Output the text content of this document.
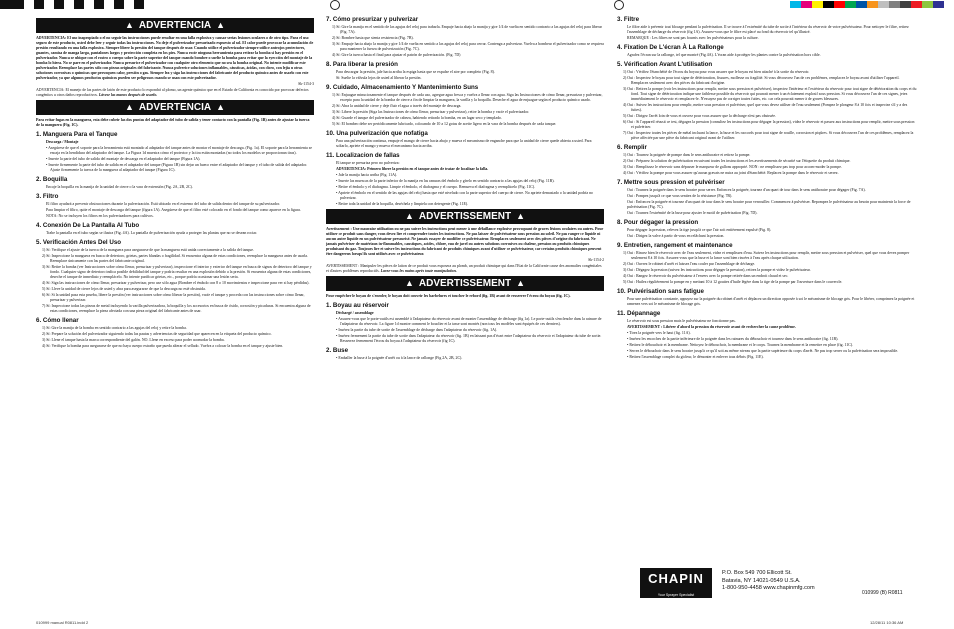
▲ ADVERTENCIA ▲

ADVERTENCIA: El uso inapropiado o el no seguir las instrucciones puede resultar en una falla explosiva y causar serias lesiones oculares o de otro tipo. Para el uso seguro de este producto, usted debe leer y seguir todas las instrucciones. No deje el pulverizador presurizado expuesto al sol. El calor puede provocar la acumulación de presión resultando en una falla explosiva. Siempre libere la presión del tanque después de usar. Cuando utilice el pulverizador siempre utilice anteojos protectores, guantes, camisa de manga larga, pantalones largos y protección completa en los pies. Nunca rocíe ninguna herramienta para retirar la bomba si hay presión en el pulverizador. Nunca se ubique con el rostro o cuerpo sobre la parte superior del tanque cuando bombee o suelte la bomba para evitar que la eyección del montaje de la bomba lo hiera. No se pare en el pulverizador. Nunca presurice el pulverizador con cualquier otro elemento que no sea la bomba original. No intente modificar este pulverizador. Reemplace las partes sólo con piezas originales del fabricante. Nunca pulverice soluciones inflamables, cáusticas, ácidas, con cloro, con lejía u otras soluciones corrosivas o químicas que provoquen calor, presión o gas. Siempre lea y siga las instrucciones del fabricante del producto químico antes de usarlo con este pulverizador, ya que algunos productos químicos pueden ser peligrosos cuando se usan con este pulverizador.

Sk-1154-3

ADVERTENCIA: El manejo de las partes de latón de este producto lo expondrá al plomo, un agente químico que en el Estado de California es conocido por provocar defectos congénitos u otros daños reproductivos. Lávese las manos después de usarlo.

▲ ADVERTENCIA ▲

Para evitar fugas en la manguera, esta debe cubrir las dos puntas del adaptador del tubo de salida y tener contacto con la pantalla (Fig. 1B) antes de ajustar la tuerca de la manguera (Fig. 1C).

1. Manguera Para el Tanque

Descarga / Montaje

• Asegúrese de que el soporte para la herramienta está montado al adaptador del tanque antes de montar el montaje de descarga. (Fig. 1a). El soporte para la herramienta se encaja en la hendidura del adaptador del tanque. La Figura 1d muestra cómo el protector y la tira están montadas (no todos los modelos se proporcionan tiras).

• Inserte la parte del tubo de salida del montaje de descarga en el adaptador del tanque (Figura 1A).

• Inserte firmemente la parte del tubo de salida en el adaptador del tanque (Figura 1B) sin dejar un hueco entre el adaptador del tanque y el tubo de salida del adaptador. Ajuste firmemente la tuerca de la manguera al adaptador del tanque (Figura 1C).

2. Boquilla

Encaje la boquilla en la manija de la unidad de cierre o la vara de extensión (Fig. 2A, 2B, 2C).

3. Filtro

El filtro ayudará a prevenir obstrucciones durante la pulverización. Está ubicado en el extremo del tubo de salida dentro del tanque de su pulverizador.

Para limpiar el filtro, quite el montaje de descarga del tanque (figura 1A). Asegúrese de que el filtro esté colocado en el fondo del tanque como aparece en la figura.

NOTA: No se incluyen los filtros en los pulverizadores para cultivos.

4. Conexión De La Pantalla Al Tubo

Trabe la pantalla en el tubo según se ilustra (Fig. 4A). La pantalla de pulverización ayuda a proteger las plantas que no se desean rociar.

5. Verificación Antes Del Uso

1) Sí: Verifique el ajuste de la tuerca de la manguera para asegurarse de que la manguera está unida correctamente a la salida del tanque.

2) Sí: Inspeccione la manguera en busca de deterioro, grietas, partes blandas o fragilidad. Si encuentra alguna de estas condiciones, reemplace la manguera antes de usarla. Reemplace únicamente con las partes del fabricante original.

3) Sí: Retire la bomba (ver Instrucciones sobre cómo llenar, presurizar y pulverizar), inspeccione el interior y exterior del tanque en busca de signos de deterioro del tanque y fondo. Cualquier signo de deterioro indica posible debilidad del tanque y podría resultar en una explosión debido a la presión. Si encuentra alguna de estas condiciones, deseche el tanque de inmediato y reemplácelo. No intente purificar grietas, etc., porque podría ocasionar una lesión seria.

4) Sí: Siga las instrucciones de cómo llenar, presurizar y pulverizar, pero use sólo agua (Bombee el émbolo con 8 o 10 movimientos e inspeccione para ver si hay pérdidas).

5) Sí: Lleve la unidad de cierre lejos de usted y abra para asegurarse de que la descarga no esté obstruida.

6) Sí: Si la unidad pasa esta prueba, libere la presión (ver instrucciones sobre cómo liberar la presión), vacíe el tanque y proceda con las instrucciones sobre cómo llenar, presurizar y pulverizar.

7) Sí: Inspeccione todas las piezas de metal incluyendo la varilla pulverizadora, la boquilla y los accesorios en busca de óxido, corrosión y picaduras. Si encuentra alguna de estas condiciones, reemplace la pieza afectada con una pieza original del fabricante antes de usar.

6. Cómo llenar

1) Sí: Gire la manija de la bomba en sentido contrario a las agujas del reloj y retire la bomba.

2) Sí: Prepare la solución del pulverizador siguiendo todas las pautas y advertencias de seguridad que aparecen en la etiqueta del producto químico.

3) Sí: Llene el tanque hasta la marca correspondiente del galón. NO. Llene en exceso para poder acomodar la bomba.

4) Sí: Verifique la bomba para asegurarse de que no haya cuerpo extraño que pueda alterar el sellado. Vuelva a colocar la bomba en el tanque y ajuste bien.

7. Cómo presurizar y pulverizar

1) Sí: Gire la manija en el sentido de las agujas del reloj para trabarla. Empuje hacia abajo la manija y gire 1/4 de vuelta en sentido contrario a las agujas del reloj para liberar (Fig. 7A).

2) Sí: Bombee hasta que sienta resistencia (Fig. 7B).

3) Sí: Empuje hacia abajo la manija y gire 1/4 de vuelta en sentido a las agujas del reloj para cerrar. Contenga a pulverizar. Vuelva a bombear el pulverizador como se requiera para mantener la fuerza de pulverización (Fig. 7C).

4) Sí: Gire la tuerca hasta el final para ajustar el patrón de pulverización. (Fig. 7D)

8. Para liberar la presión

Para descargar la presión, jale hacia arriba la espiga hasta que se expulse el aire por completo (Fig. 8).

Sí: Suelte la válvula lejos de usted al liberar la presión.

9. Cuidado, Almacenamiento Y Mantenimiento Suns

1) Sí: Enjuague minuciosamente el tanque después de cada uso, agregue agua fresca y vuelva a llenar con agua. Siga las Instrucciones de cómo llenar, presurizar y pulverizar, excepto para la unidad de la bomba de cierre a fin de limpiar la manguera, la varilla y la boquilla. Deseche el agua de enjuague según el producto químico usado.

2) Sí: Abra la unidad de cierre y deje fluir el agua a través del montaje de descarga.

3) Sí: Libere la presión (Siga las Instrucciones de cómo llenar, presurizar y pulverizar), retire la bomba y vacíe el pulverizador.

4) Sí: Guarde el tanque del pulverizador de cabeza, habiendo retirado la bomba, en un lugar seco y templado.

5) Sí: El bombeo debe ser periódicamente lubricado, colocando de 10 a 12 gotas de aceite ligero en la vara de la bomba después de cada tanque.

10. Una pulverización que nofatiga

Para una pulverización continua, empuje el mango de cierre hacia abajo y mueva el mecanismo de enganche para que la unidad de cierre quede abierta a usted. Para soltarlo, apriete el mango y mueva el mecanismo hacia arriba.

11. Localizacion de fallas

El tanque se presuriza pero no pulveriza:

ADVERTENCIA: Primero libere la presión en el tanque antes de tratar de localizar la falla.

• Jale la manija hacia arriba (Fig. 11A).

• Inserte las muescas de la parte inferior de la manija en las ranuras del émbolo y gírelo en sentido contrario a las agujas del reloj (Fig. 11B).

• Retire el émbolo y el diafragma. Limpie el émbolo, el diafragma y el cuerpo. Remueva el diafragma y reemplácelo (Fig. 11C).

• Apriete el émbolo en el sentido de las agujas del reloj hasta que esté nivelado con la parte superior del cuerpo de cierre. No apriete demasiado o la unidad podría no pulverizar.

• Retire toda la unidad de la boquilla, deséchela y límpiela con detergente (Fig. 11E).

▲ ADVERTISSEMENT ▲

Avertissement : Une mauvaise utilisation ou ne pas suivre les instructions peut mener à une défaillance explosive provoquant de graves lésions oculaires ou autres. Pour utiliser ce produit sans danger, vous devez lire et comprendre toutes les instructions. Ne pas laisser de pulvérisateur sous pression au soleil. Ne pas ranger ce liquide ni aucun autre liquide en un pulvérisateur pressurisé. Ne jamais essayer de modifier ce pulvérisateur. Remplacez seulement avec des pièces d'origine du fabricant. Ne jamais pulvériser de matériaux in-flammables, caustiques, acides, chlore, eau de javel ou autres solutions corrosives ou chaleur, pression ou produits chimiques produisant du gaz. Toujours lire et suivre les instructions du fabricant de produits chimiques avant d'utiliser ce pulvérisateur, car certains produits chimiques peuvent être dangereux lorsqu'ils sont utilisés avec ce pulvérisateur.

Sk-1154-2

AVERTISSEMENT : Manipuler les pièces de laiton de ce produit vous exposera au plomb, un produit chimique qui dans l'Etat de la Californie cause des anomalies congénitales et d'autres problèmes reproductifs. Lavez-vous les mains après toute manipulation.

▲ ADVERTISSEMENT ▲

Pour empêcher le boyau de s'enroler, le boyau doit couvrir les barbelures et toucher le rebord (fig. 1B) avant de resserrer l'écrou du boyau (fig. 1C).

1. Boyau au réservoir

Déchargé / assemblage

• Assurez-vous que le porte-outils est assemblé à l'adaptateur du réservoir avant de monter l'assemblage de décharge (fig 1a). Le porte-outils s'enclenche dans la rainure de l'adaptateur du réservoir. La figure 1d montre comment le bouclier et la tasse sont montés (non tous les modèles sont équipés de ces derniers).

• Insérez la partie du tube de sortie de l'assemblage de décharge dans l'adaptateur du réservoir (fig. 1A).

• Insérez fermement la partie du tube de sortie dans l'adaptateur du réservoir (fig. 1B) en laissant pas d'écart entre l'adaptateur du réservoir et l'adaptateur du tube de sortie. Resserrez fermement l'écrou du boyau à l'adaptateur du réservoir (fig 1C).

2. Buse

• Emballer la buse à la poignée d'arrêt ou à la lance de rallonge (Fig 2A, 2B, 2C).

3. Filtre

Le filtre aide à prévenir tout blocage pendant la pulvérisation. Il se trouve à l'extrémité du tube de sortie à l'intérieur du réservoir de votre pulvérisateur. Pour nettoyer le filtre, retirez l'assemblage de décharge du réservoir (fig 1A). Assurez-vous que le filtre est placé au fond du réservoir tel qu'illustré.

REMARQUE : Les filtres ne sont pas fournis avec les pulvérisateurs pour la culture.

4. Fixation De L'écran À La Rallonge

Agrafez l'écran sur la rallonge, tel que montré (Fig 4A). L'écran aide à protéger les plantes contre la pulvérisation hors cible.

5. Vérification Avant L'utilisation

1) Oui : Vérifiez l'étanchéité de l'écrou du boyau pour vous assurer que le boyau est bien attaché à la sortie du réservoir.

2) Oui : Inspectez le boyau pour tout signe de détérioration, fissures, mollesse ou fragilité. Si vous découvrez l'un de ces problèmes, remplacez le boyau avant d'utiliser l'appareil. Remplacez seulement avec des pièces du fabricant d'origine.

3) Oui : Retirez la pompe (voir les instructions pour remplir, mettre sous pression et pulvériser), inspectez l'intérieur et l'extérieur du réservoir pour tout signe de détérioration du corps et du fond. Tout signe de détérioration indique une faiblesse possible du réservoir qui pourrait mener à un éclatement explosif sous pression. Si vous découvrez l'un de ces signes, jetez immédiatement le réservoir et remplacez-le. N'essayez pas de corriger toutes fuites, etc. car cela pourrait mener à de graves blessures.

4) Oui : Suivez les instructions pour remplir, mettre sous pression et pulvériser, quel que vous devez utiliser de l'eau seulement (Pompez le plongeur 8 à 10 fois et inspectez s'il y a des fuites).

5) Oui : Dirigez l'arrêt loin de vous et ouvrez pour vous assurer que la décharge n'est pas obstruée.

6) Oui : Si l'appareil réussit ce test, dégagez la pression (consultez les instructions pour dégager la pression), videz le réservoir et passez aux instructions pour remplir, mettre sous pression et pulvériser.

7) Oui : Inspectez toutes les pièces de métal incluant la lance, la buse et les raccords pour tout signe de rouille, corrosion et piqûres. Si vous découvrez l'un de ces problèmes, remplacez la pièce affectée par une pièce du fabricant original avant de l'utiliser.

6. Remplir

1) Oui : Tournez la poignée de pompe dans le sens antihoraire et retirez la pompe.

2) Oui : Préparez la solution de pulvérisation en suivant toutes les instructions et les avertissements de sécurité sur l'étiquette du produit chimique.

3) Oui : Remplissez le réservoir sans dépasser le marqueur de gallons approprié. NON : ne remplissez pas trop pour accom-moder la pompe.

4) Oui : Vérifiez la pompe pour vous assurer qu'aucun gravats ne nuira au joint d'étanchéité. Replacez la pompe dans le réservoir et serrez.

7. Mettre sous pression et pulvériser

Oui : Tournez la poignée dans le sens horaire pour serrer. Enfoncez la poignée, tournez d'un quart de tour dans le sens antihoraire pour dégager (Fig. 7A).

Oui : Pompez jusqu'à ce que vous sentiez de la résistance (Fig. 7B).

Oui : Enfoncez la poignée et tournez d'un quart de tour dans le sens horaire pour verrouiller. Commencez à pulvériser. Repompez le pulvérisateur au besoin pour maintenir la force de pulvérisation (Fig. 7C).

Oui : Tournez l'extrémité de la buse pour ajuster le motif de pulvérisation (Fig. 7D).

8. Pour dégager la pression

Pour dégager la pression, relevez la tige jusqu'à ce que l'air soit entièrement expulsé (Fig. 8).

Oui : Dirigez la valve à partir de vous en relâchant la pression.

9. Entretien, rangement et maintenance

1) Oui : Rincez bien le réservoir avec de l'eau seulement, videz et remplissez d'eau. Suivez les instructions pour remplir, mettre sous pression et pulvériser, quel que vous devez pomper seulement 8 à 10 fois. Assurez-vous que la buse et la lance sont bien rincées à l'eau après chaque utilisation.

2) Oui : Ouvrez le robinet d'arrêt et laissez l'eau couler par l'assemblage de décharge.

3) Oui : Dégagez la pression (suivez les instructions pour dégager la pression), retirez la pompe et videz le pulvérisateur.

4) Oui : Rangez le réservoir du pulvérisateur à l'envers avec la pompe retirée dans un endroit chaud et sec.

5) Oui : Huilez régulièrement la pompe en y mettant 10 à 12 gouttes d'huile légère dans la tige de la pompe par l'ouverture dans le couvercle.

10. Pulvérisation sans fatigue

Pour une pulvérisation constante, appuyez sur la poignée du robinet d'arrêt et déplacez un direction opposée à soi le mécanisme de blocage gris. Pour le libérer, comprimez la poignée et ramenez vers soi le mécanisme de blocage gris.

11. Dépannage

Le réservoir est sous pression mais le pulvérisateur ne fonctionne pas.

AVERTISSEMENT : Libérer d'abord la pression du réservoir avant de rechercher la cause problème.

• Tirez la poignée vers le haut (fig. 11A).

• Insérez les encoches de la partie inférieure de la poignée dans les rainures du débouchoir et tournez dans le sens antihoraire (fig. 11B).

• Retirez le débouchoir et la membrane. Nettoyez le débouchoir, la membrane et le corps. Tournez la membrane et la remettre en place (fig. 11C).

• Serrez le débouchoir dans le sens horaire jusqu'à ce qu'il soit au même niveau que la partie supérieure du corps d'arrêt. Ne pas trop serrer ou la pulvérisation sera impossible.

• Retirez l'assemblage complet du gicleur, le démonter et enlever tous débris (Fig. 11E).

CHAPIN
Your Sprayer Specialist
P.O. Box 549 700 Ellicott St.
Batavia, NY 14021-0549 U.S.A.
1-800-950-4458 www.chapinmfg.com
010999 (B) R0811
010999 manual R0811.indd 2	12/28/11 10:36 AM
